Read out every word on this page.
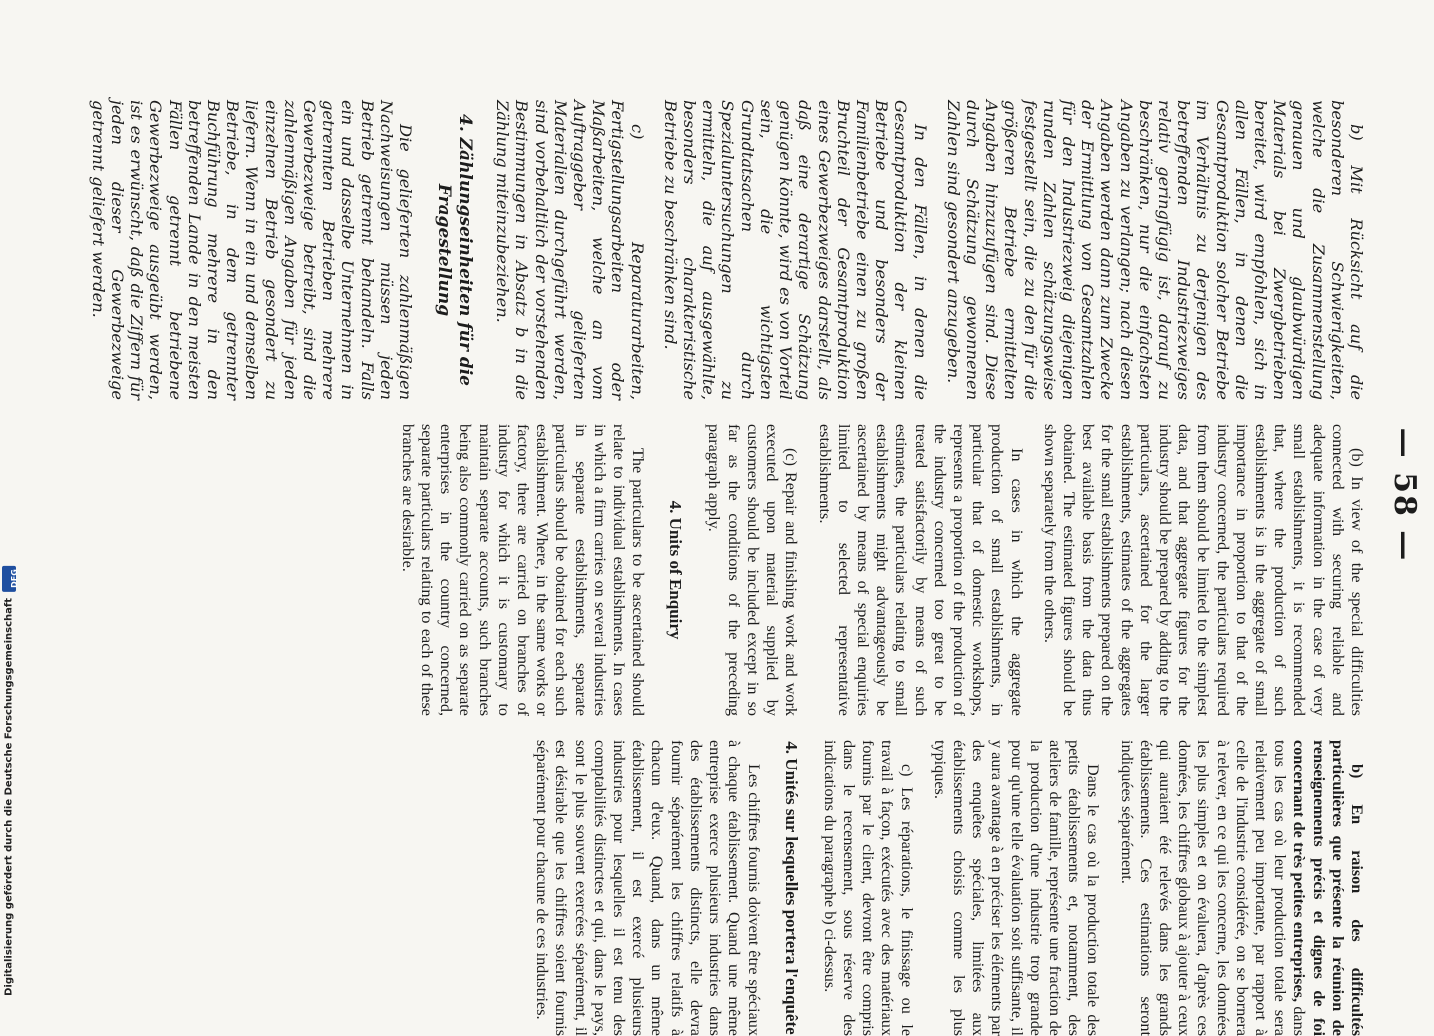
— 58 —

b) Mit Rücksicht auf die besonderen Schwierigkeiten, welche die Zusammenstellung genauen und glaubwürdigen Materials bei Zwergbetrieben bereitet, wird empfohlen, sich in allen Fällen, in denen die Gesamtproduktion solcher Betriebe im Verhältnis zu derjenigen des betreffenden Industriezweiges relativ geringfügig ist, darauf zu beschränken, nur die einfachsten Angaben zu verlangen; nach diesen Angaben werden dann zum Zwecke der Ermittlung von Gesamtzahlen für den Industriezweig diejenigen runden Zahlen schätzungsweise festgestellt sein, die zu den für die größeren Betriebe ermittelten Angaben hinzuzufügen sind. Diese durch Schätzung gewonnenen Zahlen sind gesondert anzugeben.

In den Fällen, in denen die Gesamtproduktion der kleinen Betriebe und besonders der Familienbetriebe einen zu großen Bruchteil der Gesamtproduktion eines Gewerbezweiges darstellt, als daß eine derartige Schätzung genügen könnte, wird es von Vorteil sein, die wichtigsten Grundtatsachen durch Spezialuntersuchungen zu ermitteln, die auf ausgewählte, besonders charakteristische Betriebe zu beschränken sind.

c) Reparaturarbeiten, Fertigstellungsarbeiten oder Maßarbeiten, welche an vom Auftraggeber gelieferten Materialien durchgeführt werden, sind vorbehaltlich der vorstehenden Bestimmungen in Absatz b in die Zählung miteinzubeziehen.

4. Zählungseinheiten für die Fragestellung

Die gelieferten zahlenmäßigen Nachweisungen müssen jeden Betrieb getrennt behandeln. Falls ein und dasselbe Unternehmen in getrennten Betrieben mehrere Gewerbezweige betreibt, sind die zahlenmäßigen Angaben für jeden einzelnen Betrieb gesondert zu liefern. Wenn in ein und demselben Betriebe, in dem getrennter Buchführung mehrere in den betreffenden Lande in den meisten Fällen getrennt betriebene Gewerbezweige ausgeübt werden, ist es erwünscht, daß die Ziffern für jeden dieser Gewerbezweige getrennt geliefert werden.

(b) In view of the special difficulties connected with securing reliable and adequate information in the case of very small establishments, it is recommended that, where the production of such establishments is in the aggregate of small importance in proportion to that of the industry concerned, the particulars required from them should be limited to the simplest data, and that aggregate figures for the industry should be prepared by adding to the particulars, ascertained for the larger establishments, estimates of the aggregates for the small establishments prepared on the best available basis from the data thus obtained. The estimated figures should be shown separately from the others.

In cases in which the aggregate production of small establishments, in particular that of domestic workshops, represents a proportion of the production of the industry concerned too great to be treated satisfactorily by means of such estimates, the particulars relating to small establishments might advantageously be ascertained by means of special enquiries limited to selected representative establishments.

(c) Repair and finishing work and work executed upon material supplied by customers should be included except in so far as the conditions of the preceding paragraph apply.

4. Units of Enquiry

The particulars to be ascertained should relate to individual establishments. In cases in which a firm carries on several industries in separate establishments, separate particulars should be obtained for each such establishment. Where, in the same works or factory, there are carried on branches of industry for which it is customary to maintain separate accounts, such branches being also commonly carried on as separate enterprises in the country concerned, separate particulars relating to each of these branches are desirable.

b) En raison des difficultés particulières que présente la réunion de renseignements précis et dignes de foi concernant de très petites entreprises, dans tous les cas où leur production totale sera relativement peu importante, par rapport à celle de l'industrie considérée, on se bornera à relever, en ce qui les concerne, les données les plus simples et on évaluera, d'après ces données, les chiffres globaux à ajouter à ceux qui auraient été relevés dans les grands établissements. Ces estimations seront indiquées séparément.

Dans le cas où la production totale des petits établissements et, notamment, des ateliers de famille, représente une fraction de la production d'une industrie trop grande pour qu'une telle évaluation soit suffisante, il y aura avantage à en préciser les éléments par des enquêtes spéciales, limitées aux établissements choisis comme les plus typiques.

c) Les réparations, le finissage ou le travail à façon, exécutés avec des matériaux fournis par le client, devront être compris dans le recensement, sous réserve des indications du paragraphe b) ci-dessus.

4. Unités sur lesquelles portera l'enquête

Les chiffres fournis doivent être spéciaux à chaque établissement. Quand une même entreprise exerce plusieurs industries dans des établissements distincts, elle devra fournir séparément les chiffres relatifs à chacun d'eux. Quand, dans un même établissement, il est exercé plusieurs industries pour lesquelles il est tenu des comptabilités distinctes et qui, dans le pays, sont le plus souvent exercées séparément, il est désirable que les chiffres soient fournis séparément pour chacune de ces industries.

Digitalisierung gefördert durch die Deutsche Forschungsgemeinschaft
DFG
